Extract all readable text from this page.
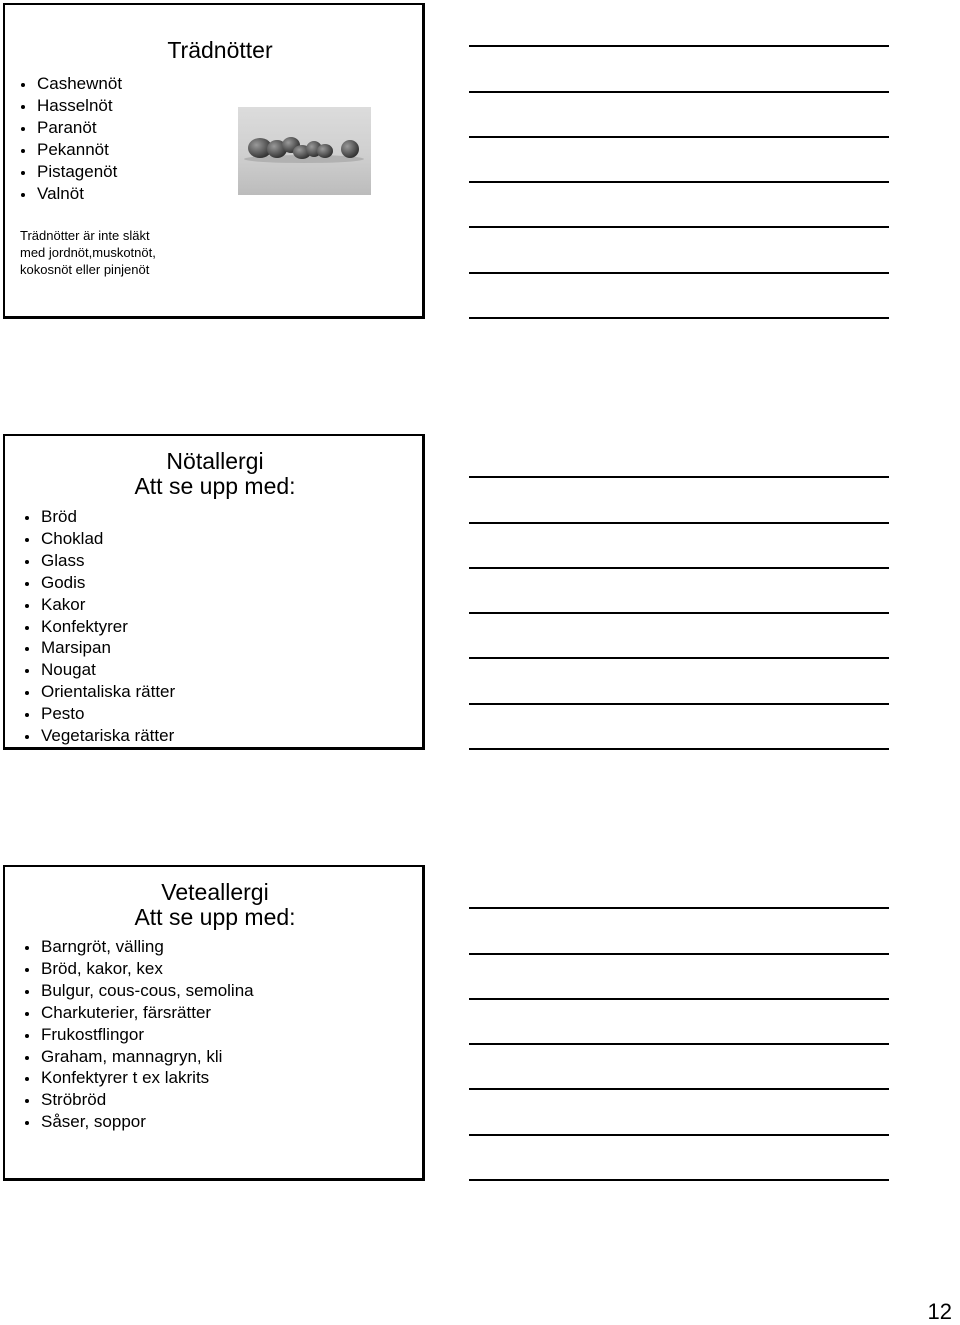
Trädnötter
Cashewnöt
Hasselnöt
Paranöt
Pekannöt
Pistagenöt
Valnöt
Trädnötter är inte släkt
med jordnöt,muskotnöt,
kokosnöt eller pinjenöt
Nötallergi
Att se upp med:
Bröd
Choklad
Glass
Godis
Kakor
Konfektyrer
Marsipan
Nougat
Orientaliska rätter
Pesto
Vegetariska rätter
Veteallergi
Att se upp med:
Barngröt, välling
Bröd, kakor, kex
Bulgur, cous-cous, semolina
Charkuterier, färsrätter
Frukostflingor
Graham, mannagryn, kli
Konfektyrer t ex lakrits
Ströbröd
Såser, soppor
12
